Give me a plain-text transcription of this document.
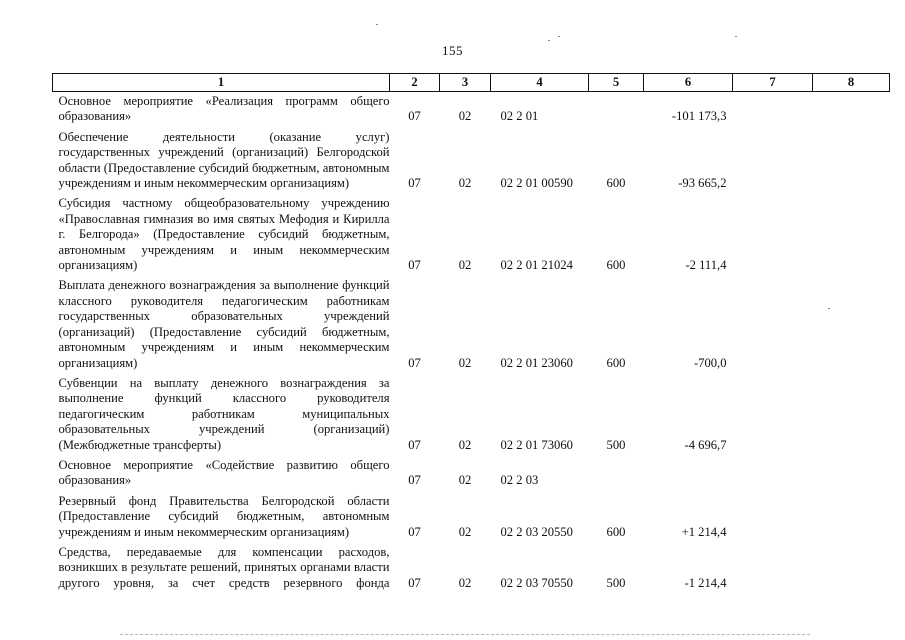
155
1	2	3	4	5	6	7	8

Основное мероприятие «Реализация программ общего образования»	07	02	02 2 01		-101 173,3		

Обеспечение деятельности (оказание услуг) государственных учреждений (организаций) Белгородской области (Предоставление субсидий бюджетным, автономным учреждениям и иным некоммерческим организациям)	07	02	02 2 01 00590	600	-93 665,2		

Субсидия частному общеобразовательному учреждению «Православная гимназия во имя святых Мефодия и Кирилла г. Белгорода» (Предоставление субсидий бюджетным, автономным учреждениям и иным некоммерческим организациям)	07	02	02 2 01 21024	600	-2 111,4		

Выплата денежного вознаграждения за выполнение функций классного руководителя педагогическим работникам государственных образовательных учреждений (организаций) (Предоставление субсидий бюджетным, автономным учреждениям и иным некоммерческим организациям)	07	02	02 2 01 23060	600	-700,0		

Субвенции на выплату денежного вознаграждения за выполнение функций классного руководителя педагогическим работникам муниципальных образовательных учреждений (организаций) (Межбюджетные трансферты)	07	02	02 2 01 73060	500	-4 696,7		

Основное мероприятие «Содействие развитию общего образования»	07	02	02 2 03				

Резервный фонд Правительства Белгородской области (Предоставление субсидий бюджетным, автономным учреждениям и иным некоммерческим организациям)	07	02	02 2 03 20550	600	+1 214,4		

Средства, передаваемые для компенсации расходов, возникших в результате решений, принятых органами власти другого уровня, за счет средств резервного фонда	07	02	02 2 03 70550	500	-1 214,4		
